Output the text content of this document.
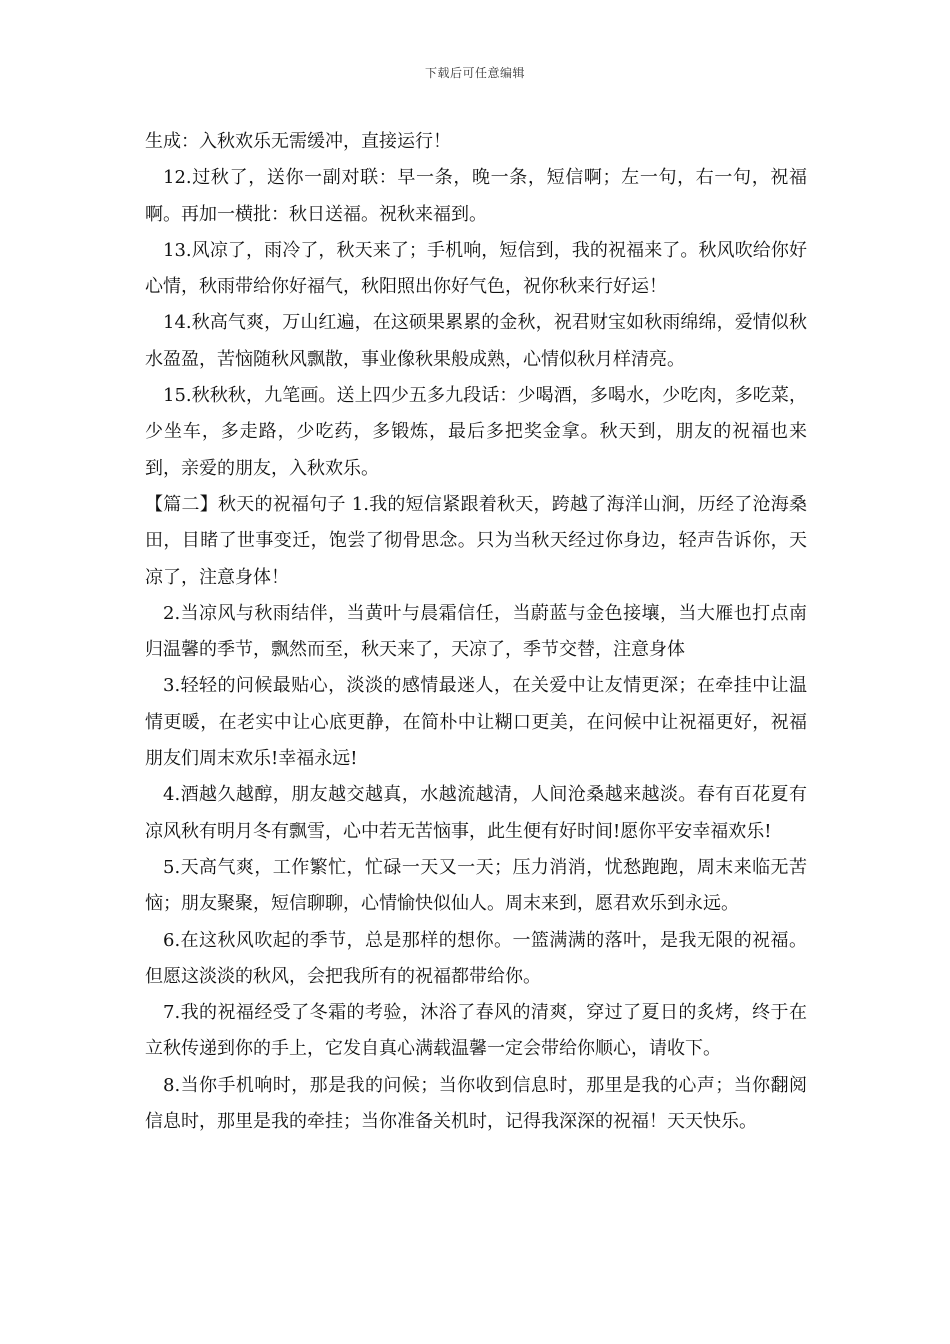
下载后可任意编辑

生成：入秋欢乐无需缓冲，直接运行！

12.过秋了，送你一副对联：早一条，晚一条，短信啊；左一句，右一句，祝福啊。再加一横批：秋日送福。祝秋来福到。

13.风凉了，雨冷了，秋天来了；手机响，短信到，我的祝福来了。秋风吹给你好心情，秋雨带给你好福气，秋阳照出你好气色，祝你秋来行好运！

14.秋高气爽，万山红遍，在这硕果累累的金秋，祝君财宝如秋雨绵绵，爱情似秋水盈盈，苦恼随秋风飘散，事业像秋果般成熟，心情似秋月样清亮。

15.秋秋秋，九笔画。送上四少五多九段话：少喝酒，多喝水，少吃肉，多吃菜，少坐车，多走路，少吃药，多锻炼，最后多把奖金拿。秋天到，朋友的祝福也来到，亲爱的朋友，入秋欢乐。

【篇二】秋天的祝福句子 1.我的短信紧跟着秋天，跨越了海洋山涧，历经了沧海桑田，目睹了世事变迁，饱尝了彻骨思念。只为当秋天经过你身边，轻声告诉你，天凉了，注意身体！

2.当凉风与秋雨结伴，当黄叶与晨霜信任，当蔚蓝与金色接壤，当大雁也打点南归温馨的季节，飘然而至，秋天来了，天凉了，季节交替，注意身体

3.轻轻的问候最贴心，淡淡的感情最迷人，在关爱中让友情更深；在牵挂中让温情更暖，在老实中让心底更静，在简朴中让糊口更美，在问候中让祝福更好，祝福朋友们周末欢乐!幸福永远!

4.酒越久越醇，朋友越交越真，水越流越清，人间沧桑越来越淡。春有百花夏有凉风秋有明月冬有飘雪，心中若无苦恼事，此生便有好时间!愿你平安幸福欢乐!

5.天高气爽，工作繁忙，忙碌一天又一天；压力消消，忧愁跑跑，周末来临无苦恼；朋友聚聚，短信聊聊，心情愉快似仙人。周末来到，愿君欢乐到永远。

6.在这秋风吹起的季节，总是那样的想你。一篮满满的落叶，是我无限的祝福。但愿这淡淡的秋风，会把我所有的祝福都带给你。

7.我的祝福经受了冬霜的考验，沐浴了春风的清爽，穿过了夏日的炙烤，终于在立秋传递到你的手上，它发自真心满载温馨一定会带给你顺心，请收下。

8.当你手机响时，那是我的问候；当你收到信息时，那里是我的心声；当你翻阅信息时，那里是我的牵挂；当你准备关机时，记得我深深的祝福！天天快乐。
